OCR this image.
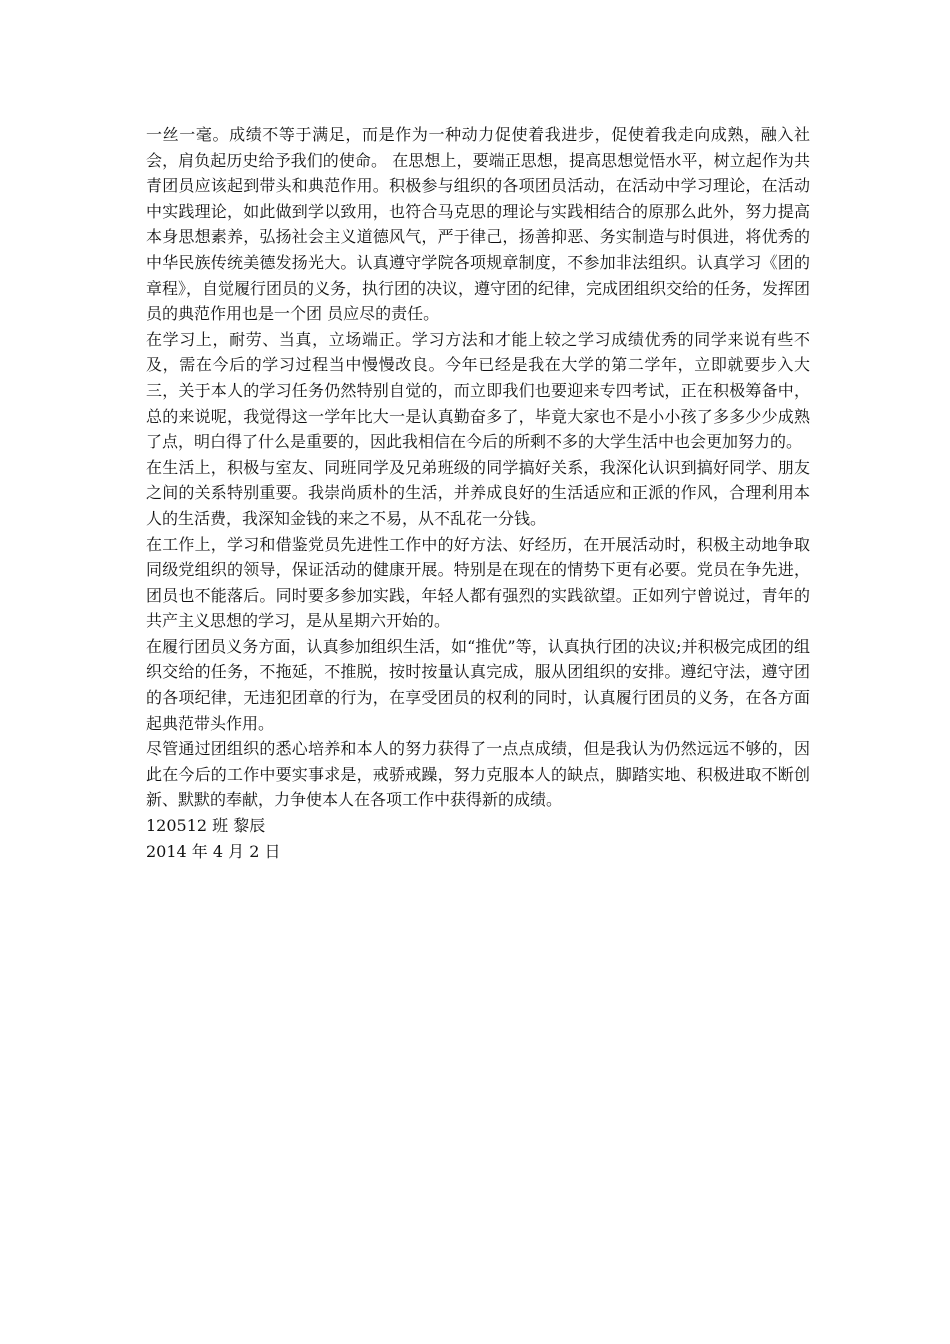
一丝一毫。成绩不等于满足，而是作为一种动力促使着我进步，促使着我走向成熟，融入社会，肩负起历史给予我们的使命。 在思想上，要端正思想，提高思想觉悟水平，树立起作为共青团员应该起到带头和典范作用。积极参与组织的各项团员活动，在活动中学习理论，在活动中实践理论，如此做到学以致用，也符合马克思的理论与实践相结合的原那么此外，努力提高本身思想素养，弘扬社会主义道德风气，严于律己，扬善抑恶、务实制造与时俱进，将优秀的中华民族传统美德发扬光大。认真遵守学院各项规章制度，不参加非法组织。认真学习《团的章程》，自觉履行团员的义务，执行团的决议，遵守团的纪律，完成团组织交给的任务，发挥团员的典范作用也是一个团 员应尽的责任。

在学习上，耐劳、当真，立场端正。学习方法和才能上较之学习成绩优秀的同学来说有些不及，需在今后的学习过程当中慢慢改良。今年已经是我在大学的第二学年，立即就要步入大三，关于本人的学习任务仍然特别自觉的，而立即我们也要迎来专四考试，正在积极筹备中，总的来说呢，我觉得这一学年比大一是认真勤奋多了，毕竟大家也不是小小孩了多多少少成熟了点，明白得了什么是重要的，因此我相信在今后的所剩不多的大学生活中也会更加努力的。

在生活上，积极与室友、同班同学及兄弟班级的同学搞好关系，我深化认识到搞好同学、朋友之间的关系特别重要。我崇尚质朴的生活，并养成良好的生活适应和正派的作风，合理利用本人的生活费，我深知金钱的来之不易，从不乱花一分钱。

在工作上，学习和借鉴党员先进性工作中的好方法、好经历，在开展活动时，积极主动地争取同级党组织的领导，保证活动的健康开展。特别是在现在的情势下更有必要。党员在争先进，团员也不能落后。同时要多参加实践，年轻人都有强烈的实践欲望。正如列宁曾说过，青年的共产主义思想的学习，是从星期六开始的。

在履行团员义务方面，认真参加组织生活，如“推优”等，认真执行团的决议;并积极完成团的组织交给的任务，不拖延，不推脱，按时按量认真完成，服从团组织的安排。遵纪守法，遵守团的各项纪律，无违犯团章的行为，在享受团员的权利的同时，认真履行团员的义务，在各方面起典范带头作用。

尽管通过团组织的悉心培养和本人的努力获得了一点点成绩，但是我认为仍然远远不够的，因此在今后的工作中要实事求是，戒骄戒躁，努力克服本人的缺点，脚踏实地、积极进取不断创新、默默的奉献，力争使本人在各项工作中获得新的成绩。

120512 班 黎辰

2014 年 4 月 2 日
